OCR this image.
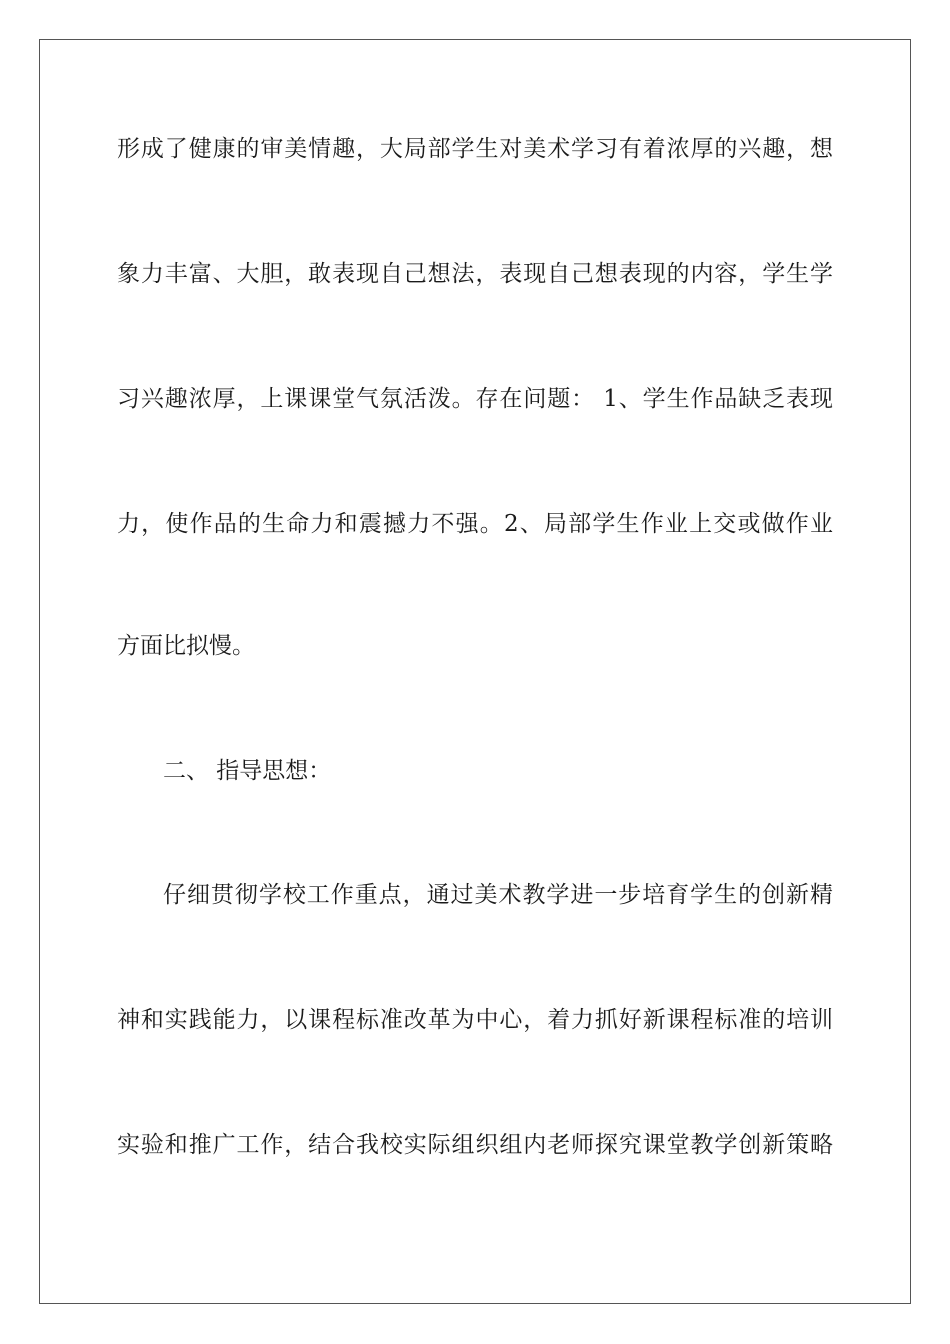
形成了健康的审美情趣，大局部学生对美术学习有着浓厚的兴趣，想
象力丰富、大胆，敢表现自己想法，表现自己想表现的内容，学生学
习兴趣浓厚，上课课堂气氛活泼。存在问题： 1、学生作品缺乏表现
力，使作品的生命力和震撼力不强。2、局部学生作业上交或做作业
方面比拟慢。
二、 指导思想：
仔细贯彻学校工作重点，通过美术教学进一步培育学生的创新精
神和实践能力，以课程标准改革为中心，着力抓好新课程标准的培训
实验和推广工作，结合我校实际组织组内老师探究课堂教学创新策略
